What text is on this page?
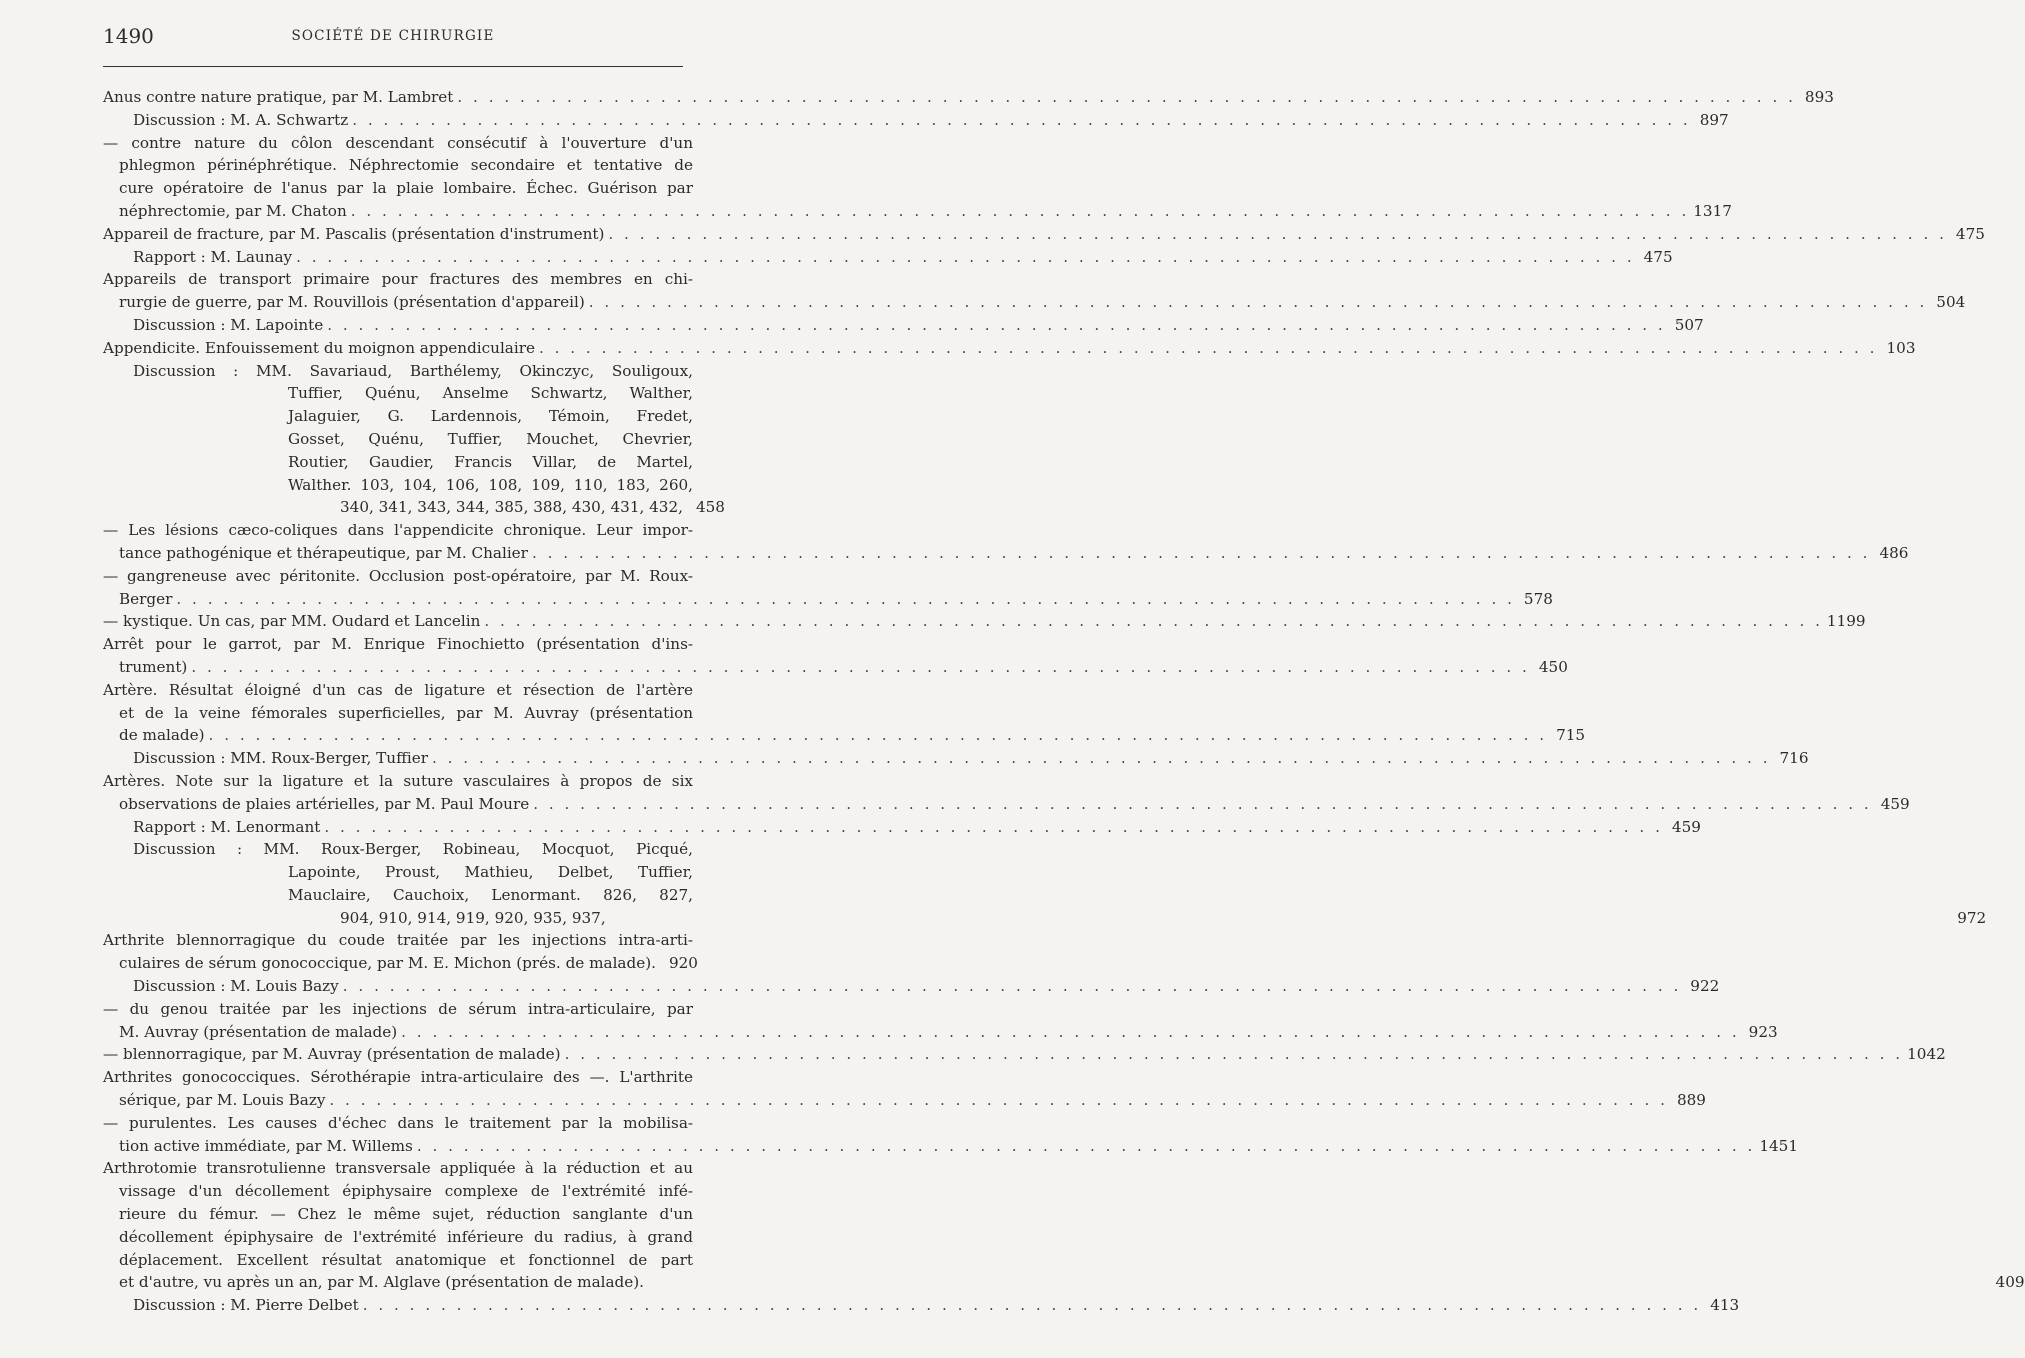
1490	SOCIÉTÉ DE CHIRURGIE
Anus contre nature pratique, par M. Lambret . . .	893
Discussion : M. A. Schwartz . . .	897
— contre nature du côlon descendant consécutif à l'ouverture d'un
phlegmon périnéphrétique. Néphrectomie secondaire et tentative de
cure opératoire de l'anus par la plaie lombaire. Échec. Guérison par
néphrectomie, par M. Chaton . . .	1317
Appareil de fracture, par M. Pascalis (présentation d'instrument) . . .	475
Rapport : M. Launay . . .	475
Appareils de transport primaire pour fractures des membres en chi-
rurgie de guerre, par M. Rouvillois (présentation d'appareil) . . .	504
Discussion : M. Lapointe . . .	507
Appendicite. Enfouissement du moignon appendiculaire . . .	103
Discussion : MM. Savariaud, Barthélemy, Okinczyc, Souligoux,
Tuffier, Quénu, Anselme Schwartz, Walther,
Jalaguier, G. Lardennois, Témoin, Fredet,
Gosset, Quénu, Tuffier, Mouchet, Chevrier,
Routier, Gaudier, Francis Villar, de Martel,
Walther. 103, 104, 106, 108, 109, 110, 183, 260,
340, 341, 343, 344, 385, 388, 430, 431, 432, 458
— Les lésions cæco-coliques dans l'appendicite chronique. Leur impor-
tance pathogénique et thérapeutique, par M. Chalier . . .	486
— gangreneuse avec péritonite. Occlusion post-opératoire, par M. Roux-
Berger . . .	578
— kystique. Un cas, par MM. Oudard et Lancelin . . .	1199
Arrêt pour le garrot, par M. Enrique Finochietto (présentation d'ins-
trument) . . .	450
Artère. Résultat éloigné d'un cas de ligature et résection de l'artère
et de la veine fémorales superficielles, par M. Auvray (présentation
de malade) . . .	715
Discussion : MM. Roux-Berger, Tuffier . . .	716
Artères. Note sur la ligature et la suture vasculaires à propos de six
observations de plaies artérielles, par M. Paul Moure . . .	459
Rapport : M. Lenormant . . .	459
Discussion : MM. Roux-Berger, Robineau, Mocquot, Picqué,
Lapointe, Proust, Mathieu, Delbet, Tuffier,
Mauclaire, Cauchoix, Lenormant. 826, 827,
904, 910, 914, 919, 920, 935, 937,	972
Arthrite blennorragique du coude traitée par les injections intra-arti-
culaires de sérum gonococcique, par M. E. Michon (prés. de malade). 920
Discussion : M. Louis Bazy . . .	922
— du genou traitée par les injections de sérum intra-articulaire, par
M. Auvray (présentation de malade) . . .	923
— blennorragique, par M. Auvray (présentation de malade) . . .	1042
Arthrites gonococciques. Sérothérapie intra-articulaire des —. L'arthrite
sérique, par M. Louis Bazy . . .	889
— purulentes. Les causes d'échec dans le traitement par la mobilisa-
tion active immédiate, par M. Willems . . .	1451
Arthrotomie transrotulienne transversale appliquée à la réduction et au
vissage d'un décollement épiphysaire complexe de l'extrémité infé-
rieure du fémur. — Chez le même sujet, réduction sanglante d'un
décollement épiphysaire de l'extrémité inférieure du radius, à grand
déplacement. Excellent résultat anatomique et fonctionnel de part
et d'autre, vu après un an, par M. Alglave (présentation de malade).	409
Discussion : M. Pierre Delbet . . .	413
